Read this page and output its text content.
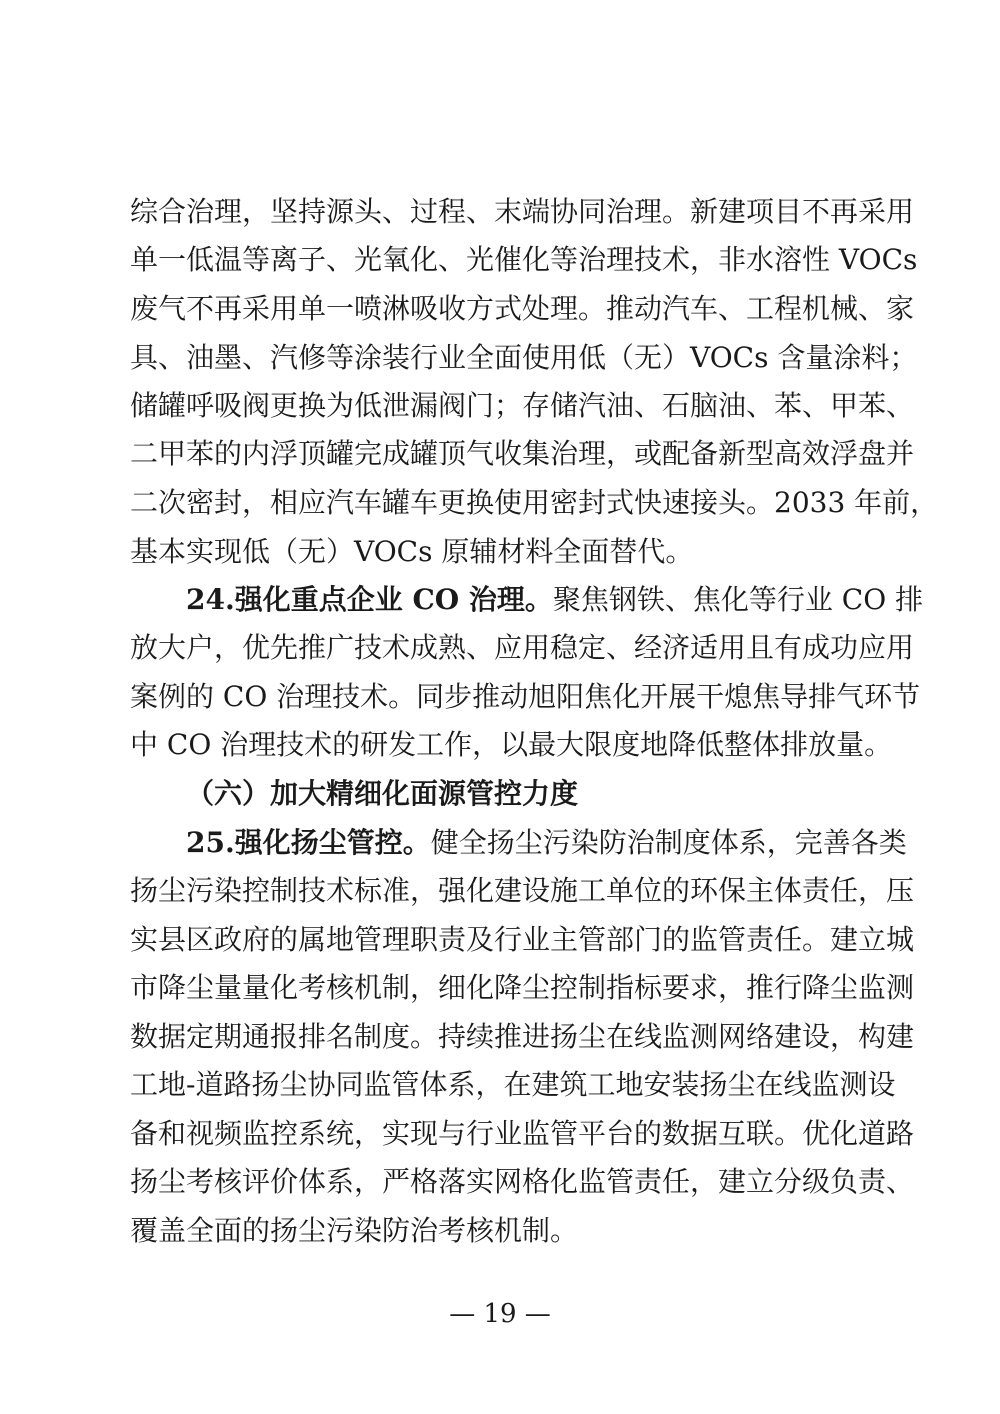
综合治理，坚持源头、过程、末端协同治理。新建项目不再采用
单一低温等离子、光氧化、光催化等治理技术，非水溶性 VOCs
废气不再采用单一喷淋吸收方式处理。推动汽车、工程机械、家
具、油墨、汽修等涂装行业全面使用低（无）VOCs 含量涂料；
储罐呼吸阀更换为低泄漏阀门；存储汽油、石脑油、苯、甲苯、
二甲苯的内浮顶罐完成罐顶气收集治理，或配备新型高效浮盘并
二次密封，相应汽车罐车更换使用密封式快速接头。2033 年前，
基本实现低（无）VOCs 原辅材料全面替代。
24.强化重点企业 CO 治理。聚焦钢铁、焦化等行业 CO 排
放大户，优先推广技术成熟、应用稳定、经济适用且有成功应用
案例的 CO 治理技术。同步推动旭阳焦化开展干熄焦导排气环节
中 CO 治理技术的研发工作，以最大限度地降低整体排放量。
（六）加大精细化面源管控力度
25.强化扬尘管控。健全扬尘污染防治制度体系，完善各类
扬尘污染控制技术标准，强化建设施工单位的环保主体责任，压
实县区政府的属地管理职责及行业主管部门的监管责任。建立城
市降尘量量化考核机制，细化降尘控制指标要求，推行降尘监测
数据定期通报排名制度。持续推进扬尘在线监测网络建设，构建
工地-道路扬尘协同监管体系，在建筑工地安装扬尘在线监测设
备和视频监控系统，实现与行业监管平台的数据互联。优化道路
扬尘考核评价体系，严格落实网格化监管责任，建立分级负责、
覆盖全面的扬尘污染防治考核机制。
— 19 —
